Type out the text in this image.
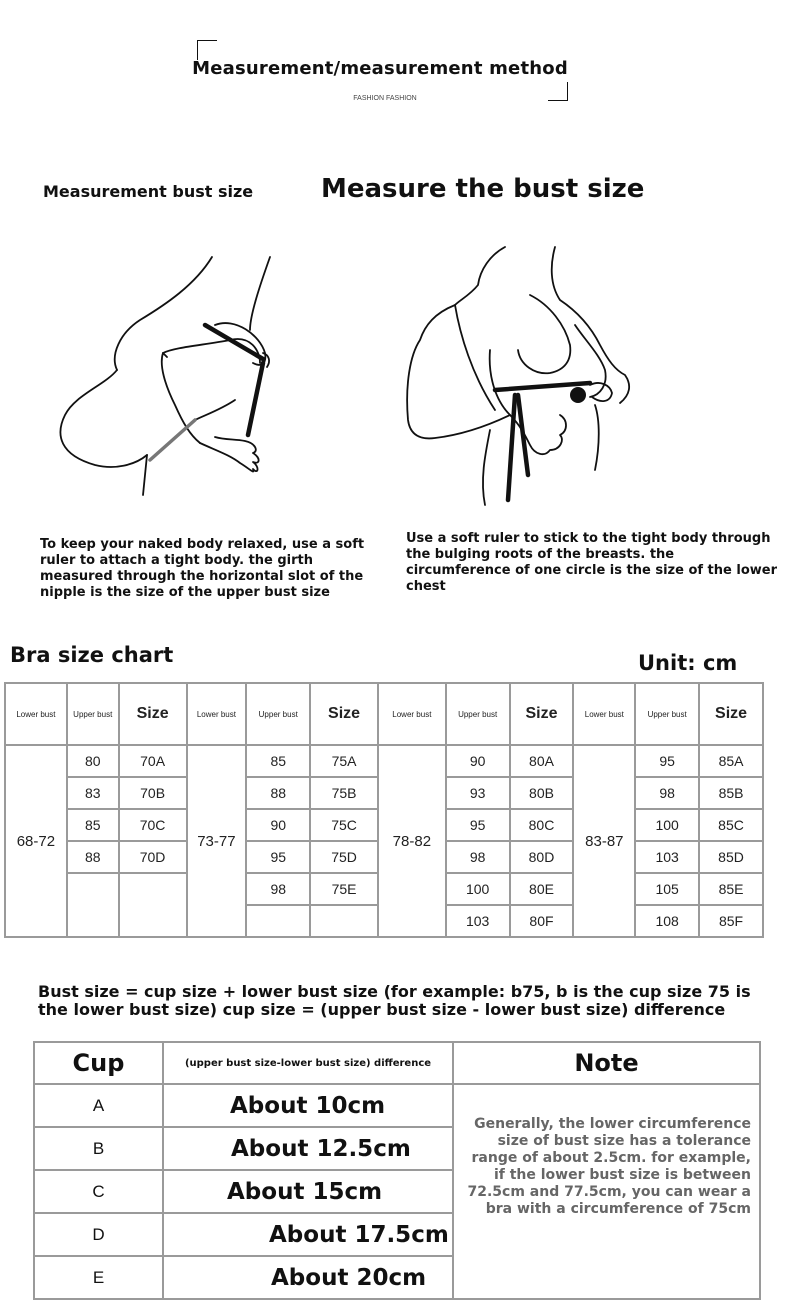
Measurement/measurement method
FASHION FASHION
Measurement bust size	Measure the bust size
To keep your naked body relaxed, use a soft ruler to attach a tight body. the girth measured through the horizontal slot of the nipple is the size of the upper bust size
Use a soft ruler to stick to the tight body through the bulging roots of the breasts. the circumference of one circle is the size of the lower chest
Bra size chart	Unit: cm
Lower bust	Upper bust	Size	Lower bust	Upper bust	Size	Lower bust	Upper bust	Size	Lower bust	Upper bust	Size
68-72	80	70A	73-77	85	75A	78-82	90	80A	83-87	95	85A
	83	70B		88	75B		93	80B		98	85B
	85	70C		90	75C		95	80C		100	85C
	88	70D		95	75D		98	80D		103	85D
				98	75E		100	80E		105	85E
							103	80F		108	85F
Bust size = cup size + lower bust size (for example: b75, b is the cup size 75 is the lower bust size) cup size = (upper bust size - lower bust size) difference
Cup	(upper bust size-lower bust size) difference	Note
A	About 10cm	Generally, the lower circumference size of bust size has a tolerance range of about 2.5cm. for example, if the lower bust size is between 72.5cm and 77.5cm, you can wear a bra with a circumference of 75cm

B	About 12.5cm	
C	About 15cm	
D	About 17.5cm	
E	About 20cm	
